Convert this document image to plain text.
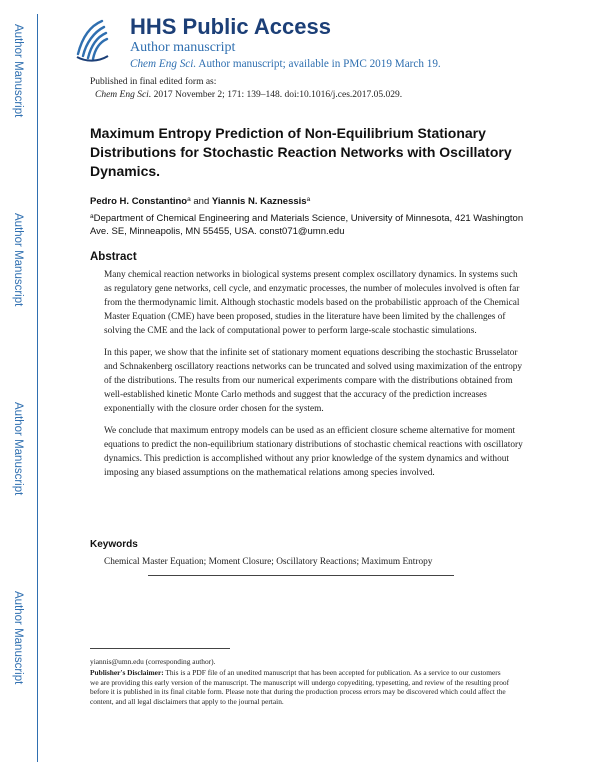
Author Manuscript
Author Manuscript
Author Manuscript
Author Manuscript
HHS Public Access
Author manuscript
Chem Eng Sci. Author manuscript; available in PMC 2019 March 19.
Published in final edited form as:
Chem Eng Sci. 2017 November 2; 171: 139–148. doi:10.1016/j.ces.2017.05.029.
Maximum Entropy Prediction of Non-Equilibrium Stationary Distributions for Stochastic Reaction Networks with Oscillatory Dynamics.
Pedro H. Constantino$^a$ and Yiannis N. Kaznessis$^a$
$^a$Department of Chemical Engineering and Materials Science, University of Minnesota, 421 Washington Ave. SE, Minneapolis, MN 55455, USA. const071@umn.edu
Abstract

Many chemical reaction networks in biological systems present complex oscillatory dynamics. In systems such as regulatory gene networks, cell cycle, and enzymatic processes, the number of molecules involved is often far from the thermodynamic limit. Although stochastic models based on the probabilistic approach of the Chemical Master Equation (CME) have been proposed, studies in the literature have been limited by the challenges of solving the CME and the lack of computational power to perform large-scale stochastic simulations.

In this paper, we show that the infinite set of stationary moment equations describing the stochastic Brusselator and Schnakenberg oscillatory reactions networks can be truncated and solved using maximization of the entropy of the distributions. The results from our numerical experiments compare with the distributions obtained from well-established kinetic Monte Carlo methods and suggest that the accuracy of the prediction increases exponentially with the closure order chosen for the system.

We conclude that maximum entropy models can be used as an efficient closure scheme alternative for moment equations to predict the non-equilibrium stationary distributions of stochastic chemical reactions with oscillatory dynamics. This prediction is accomplished without any prior knowledge of the system dynamics and without imposing any biased assumptions on the mathematical relations among species involved.

Keywords
Chemical Master Equation; Moment Closure; Oscillatory Reactions; Maximum Entropy
yiannis@umn.edu (corresponding author).
Publisher's Disclaimer: This is a PDF file of an unedited manuscript that has been accepted for publication. As a service to our customers we are providing this early version of the manuscript. The manuscript will undergo copyediting, typesetting, and review of the resulting proof before it is published in its final citable form. Please note that during the production process errors may be discovered which could affect the content, and all legal disclaimers that apply to the journal pertain.
